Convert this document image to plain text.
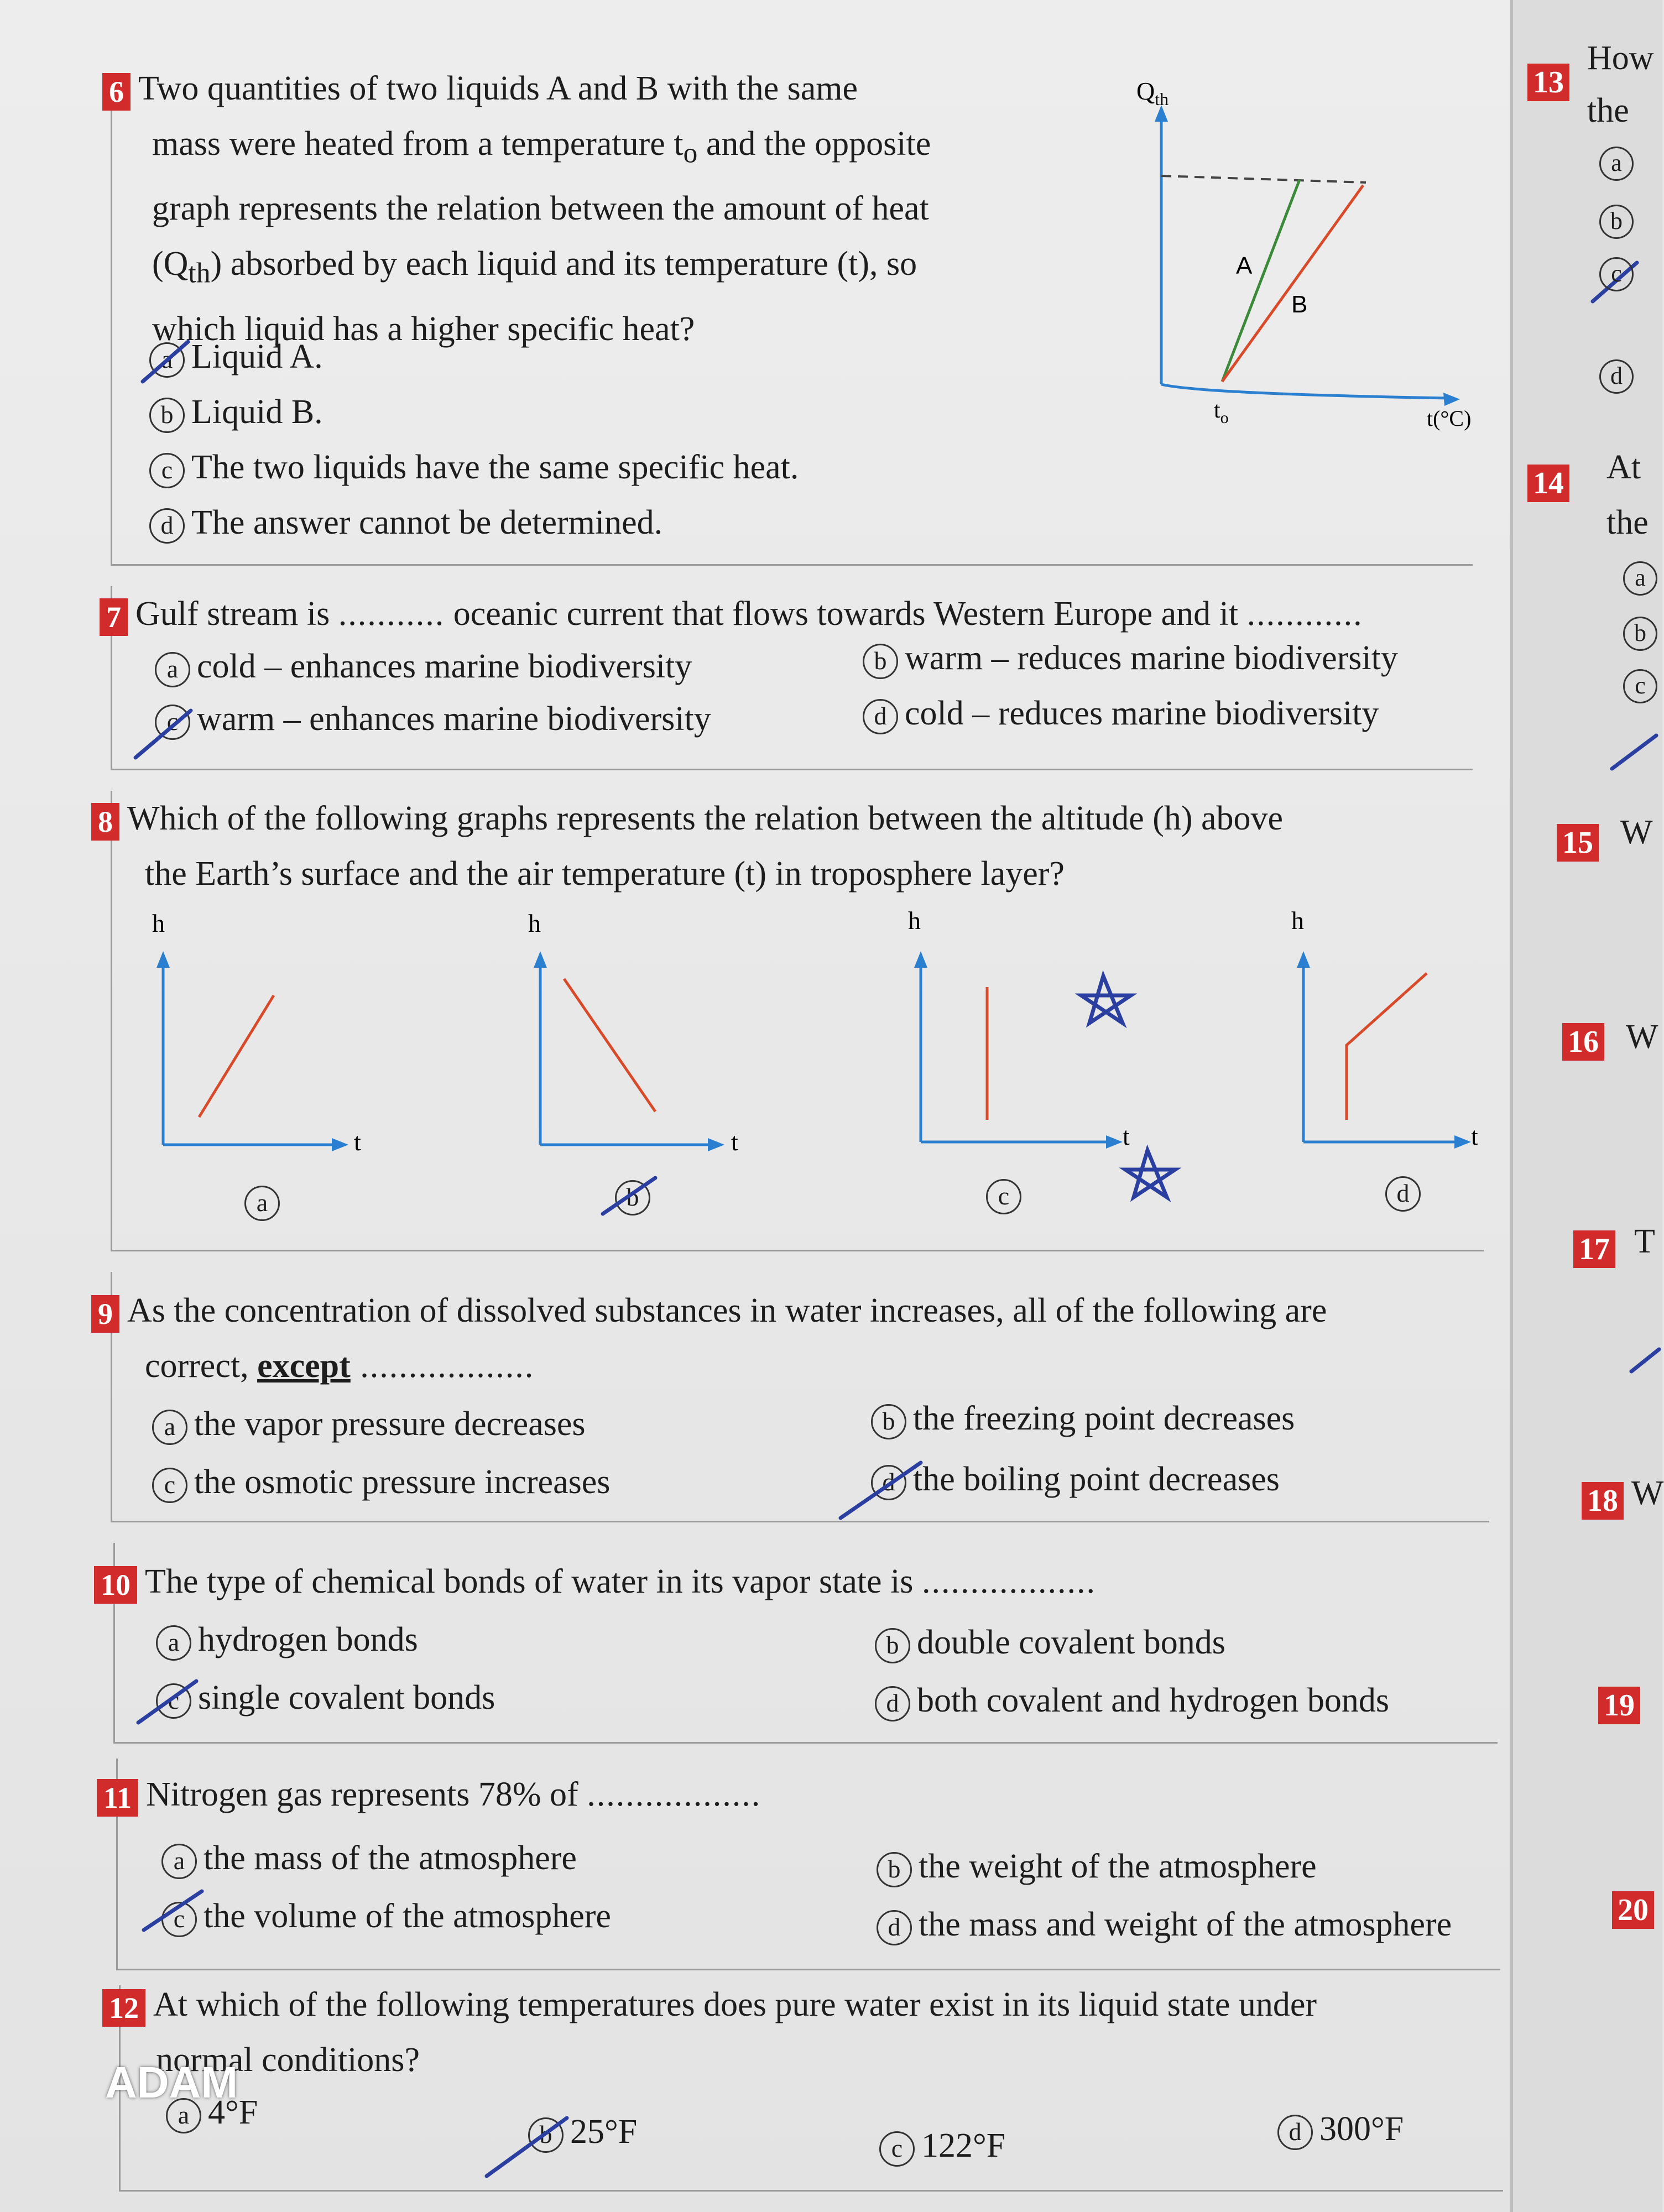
6 Two quantities of two liquids A and B with the same
mass were heated from a temperature $t_o$ and the opposite
graph represents the relation between the amount of heat
$(Q_{th})$ absorbed by each liquid and its temperature (t), so
which liquid has a higher specific heat?
a Liquid A.
b Liquid B.
c The two liquids have the same specific heat.
d The answer cannot be determined.
$Q_{th}$
A
B
$t_o$	t(°C)
7 Gulf stream is ........... oceanic current that flows towards Western Europe and it ............
a cold – enhances marine biodiversity	b warm – reduces marine biodiversity
c warm – enhances marine biodiversity	d cold – reduces marine biodiversity
8 Which of the following graphs represents the relation between the altitude (h) above
the Earth’s surface and the air temperature (t) in troposphere layer?
h
t
h
t
h
t
h
t
a	b	c	d
9 As the concentration of dissolved substances in water increases, all of the following are
correct, except ..................
a the vapor pressure decreases	b the freezing point decreases
c the osmotic pressure increases	d the boiling point decreases
10 The type of chemical bonds of water in its vapor state is ..................
a hydrogen bonds	b double covalent bonds
c single covalent bonds	d both covalent and hydrogen bonds
11 Nitrogen gas represents 78% of ..................
a the mass of the atmosphere	b the weight of the atmosphere
c the volume of the atmosphere	d the mass and weight of the atmosphere
12 At which of the following temperatures does pure water exist in its liquid state under
normal conditions?
a 4°F
b 25°F	c 122°F	d 300°F
13
How
the
a
b
c
d
14 At
the
a
b
c
15 W
16 W
17 T
18 W
19
20
ADAM
